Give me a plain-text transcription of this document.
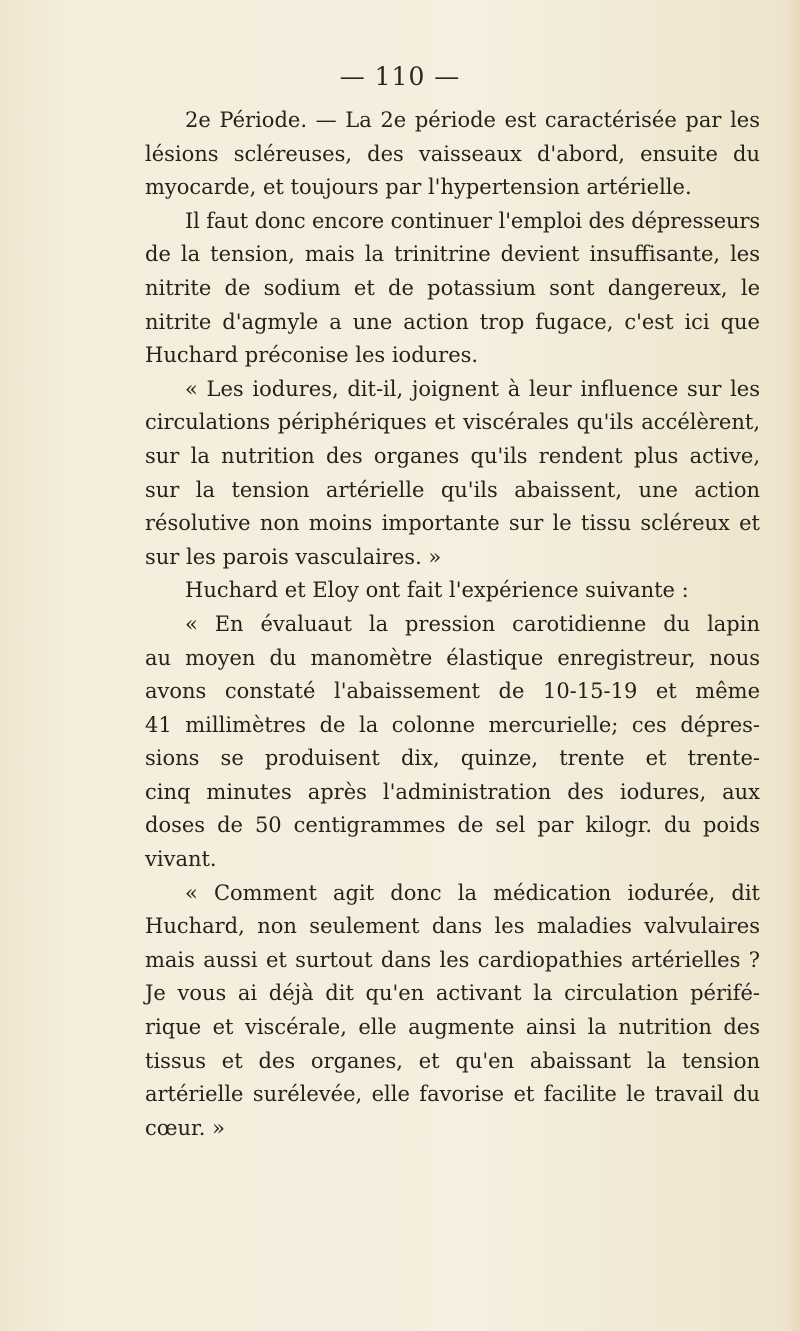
— 110 —
2e Période. — La 2e période est caractérisée par les
lésions scléreuses, des vaisseaux d'abord, ensuite du
myocarde, et toujours par l'hypertension artérielle.
Il faut donc encore continuer l'emploi des dépresseurs
de la tension, mais la trinitrine devient insuffisante, les
nitrite de sodium et de potassium sont dangereux, le
nitrite d'agmyle a une action trop fugace, c'est ici que
Huchard préconise les iodures.
« Les iodures, dit-il, joignent à leur influence sur les
circulations périphériques et viscérales qu'ils accélèrent,
sur la nutrition des organes qu'ils rendent plus active,
sur la tension artérielle qu'ils abaissent, une action
résolutive non moins importante sur le tissu scléreux et
sur les parois vasculaires. »
Huchard et Eloy ont fait l'expérience suivante :
« En évaluaut la pression carotidienne du lapin
au moyen du manomètre élastique enregistreur, nous
avons constaté l'abaissement de 10-15-19 et même
41 millimètres de la colonne mercurielle; ces dépres-
sions se produisent dix, quinze, trente et trente-
cinq minutes après l'administration des iodures, aux
doses de 50 centigrammes de sel par kilogr. du poids
vivant.
« Comment agit donc la médication iodurée, dit
Huchard, non seulement dans les maladies valvulaires
mais aussi et surtout dans les cardiopathies artérielles ?
Je vous ai déjà dit qu'en activant la circulation périfé-
rique et viscérale, elle augmente ainsi la nutrition des
tissus et des organes, et qu'en abaissant la tension
artérielle surélevée, elle favorise et facilite le travail du
cœur. »
